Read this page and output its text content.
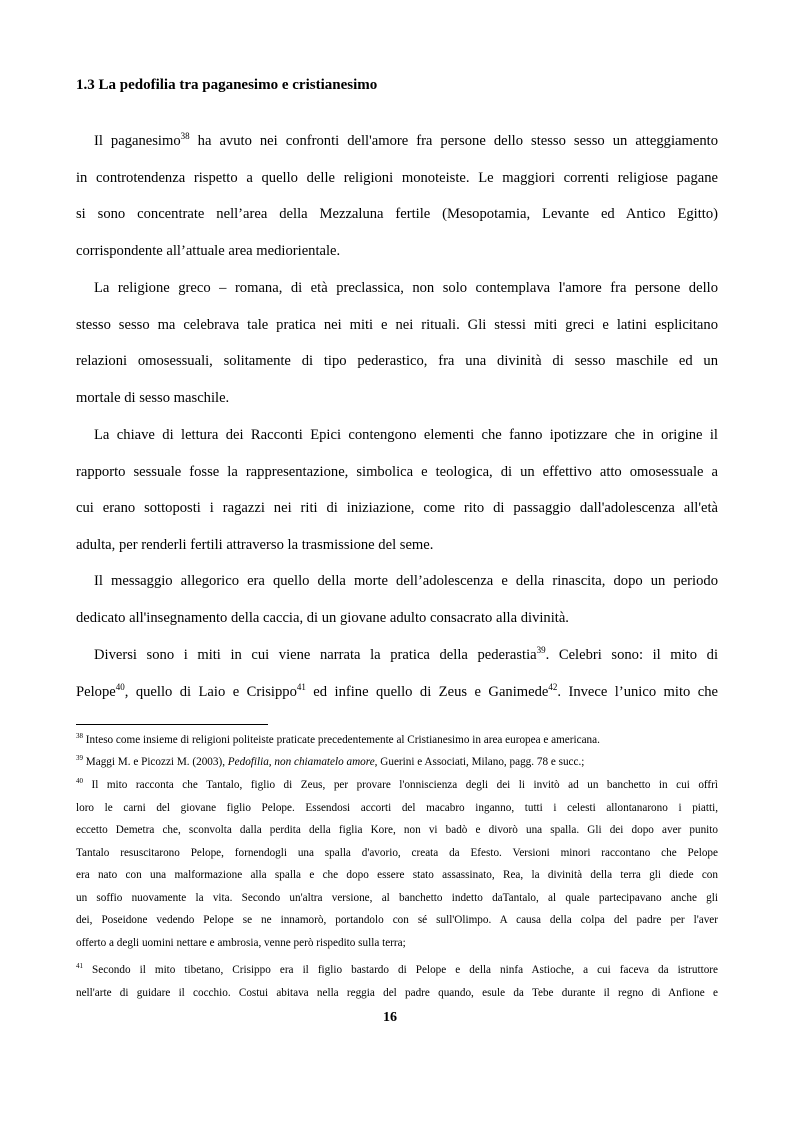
1.3 La pedofilia tra paganesimo e cristianesimo
Il paganesimo$^{38}$ ha avuto nei confronti dell'amore fra persone dello stesso sesso un atteggiamento
in controtendenza rispetto a quello delle religioni monoteiste. Le maggiori correnti religiose pagane
si sono concentrate nell’area della Mezzaluna fertile (Mesopotamia, Levante ed Antico Egitto)
corrispondente all’attuale area mediorientale.
La religione greco – romana, di età preclassica, non solo contemplava l'amore fra persone dello
stesso sesso ma celebrava tale pratica nei miti e nei rituali. Gli stessi miti greci e latini esplicitano
relazioni omosessuali, solitamente di tipo pederastico, fra una divinità di sesso maschile ed un
mortale di sesso maschile.
La chiave di lettura dei Racconti Epici contengono elementi che fanno ipotizzare che in origine il
rapporto sessuale fosse la rappresentazione, simbolica e teologica, di un effettivo atto omosessuale a
cui erano sottoposti i ragazzi nei riti di iniziazione, come rito di passaggio dall'adolescenza all'età
adulta, per renderli fertili attraverso la trasmissione del seme.
Il messaggio allegorico era quello della morte dell’adolescenza e della rinascita, dopo un periodo
dedicato all'insegnamento della caccia, di un giovane adulto consacrato alla divinità.
Diversi sono i miti in cui viene narrata la pratica della pederastia$^{39}$. Celebri sono: il mito di
Pelope$^{40}$, quello di Laio e Crisippo$^{41}$ ed infine quello di Zeus e Ganimede$^{42}$. Invece l’unico mito che
$^{38}$ Inteso come insieme di religioni politeiste praticate precedentemente al Cristianesimo in area europea e americana.
$^{39}$ Maggi M. e Picozzi M. (2003), Pedofilia, non chiamatelo amore, Guerini e Associati, Milano, pagg. 78 e succ.;
$^{40}$ Il mito racconta che Tantalo, figlio di Zeus, per provare l'onniscienza degli dei li invitò ad un banchetto in cui offrì
loro le carni del giovane figlio Pelope. Essendosi accorti del macabro inganno, tutti i celesti allontanarono i piatti,
eccetto Demetra che, sconvolta dalla perdita della figlia Kore, non vi badò e divorò una spalla. Gli dei dopo aver punito
Tantalo resuscitarono Pelope, fornendogli una spalla d'avorio, creata da Efesto. Versioni minori raccontano che Pelope
era nato con una malformazione alla spalla e che dopo essere stato assassinato, Rea, la divinità della terra gli diede con
un soffio nuovamente la vita. Secondo un'altra versione, al banchetto indetto daTantalo, al quale partecipavano anche gli
dei, Poseidone vedendo Pelope se ne innamorò, portandolo con sé sull'Olimpo. A causa della colpa del padre per l'aver
offerto a degli uomini nettare e ambrosia, venne però rispedito sulla terra;
$^{41}$ Secondo il mito tibetano, Crisippo era il figlio bastardo di Pelope e della ninfa Astioche, a cui faceva da istruttore
nell'arte di guidare il cocchio. Costui abitava nella reggia del padre quando, esule da Tebe durante il regno di Anfione e
16
